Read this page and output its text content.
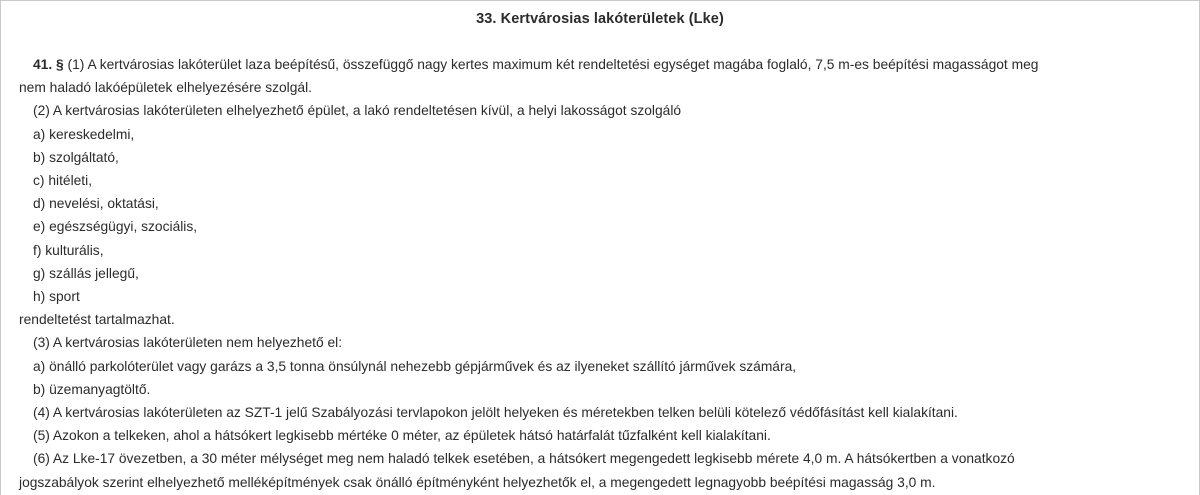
33. Kertvárosias lakóterületek (Lke)
41. § (1) A kertvárosias lakóterület laza beépítésű, összefüggő nagy kertes maximum két rendeltetési egységet magába foglaló, 7,5 m-es beépítési magasságot meg
nem haladó lakóépületek elhelyezésére szolgál.
(2) A kertvárosias lakóterületen elhelyezhető épület, a lakó rendeltetésen kívül, a helyi lakosságot szolgáló
a) kereskedelmi,
b) szolgáltató,
c) hitéleti,
d) nevelési, oktatási,
e) egészségügyi, szociális,
f) kulturális,
g) szállás jellegű,
h) sport
rendeltetést tartalmazhat.
(3) A kertvárosias lakóterületen nem helyezhető el:
a) önálló parkolóterület vagy garázs a 3,5 tonna önsúlynál nehezebb gépjárművek és az ilyeneket szállító járművek számára,
b) üzemanyagtöltő.
(4) A kertvárosias lakóterületen az SZT-1 jelű Szabályozási tervlapokon jelölt helyeken és méretekben telken belüli kötelező védőfásítást kell kialakítani.
(5) Azokon a telkeken, ahol a hátsókert legkisebb mértéke 0 méter, az épületek hátsó határfalát tűzfalként kell kialakítani.
(6) Az Lke-17 övezetben, a 30 méter mélységet meg nem haladó telkek esetében, a hátsókert megengedett legkisebb mérete 4,0 m. A hátsókertben a vonatkozó
jogszabályok szerint elhelyezhető melléképítmények csak önálló építményként helyezhetők el, a megengedett legnagyobb beépítési magasság 3,0 m.
